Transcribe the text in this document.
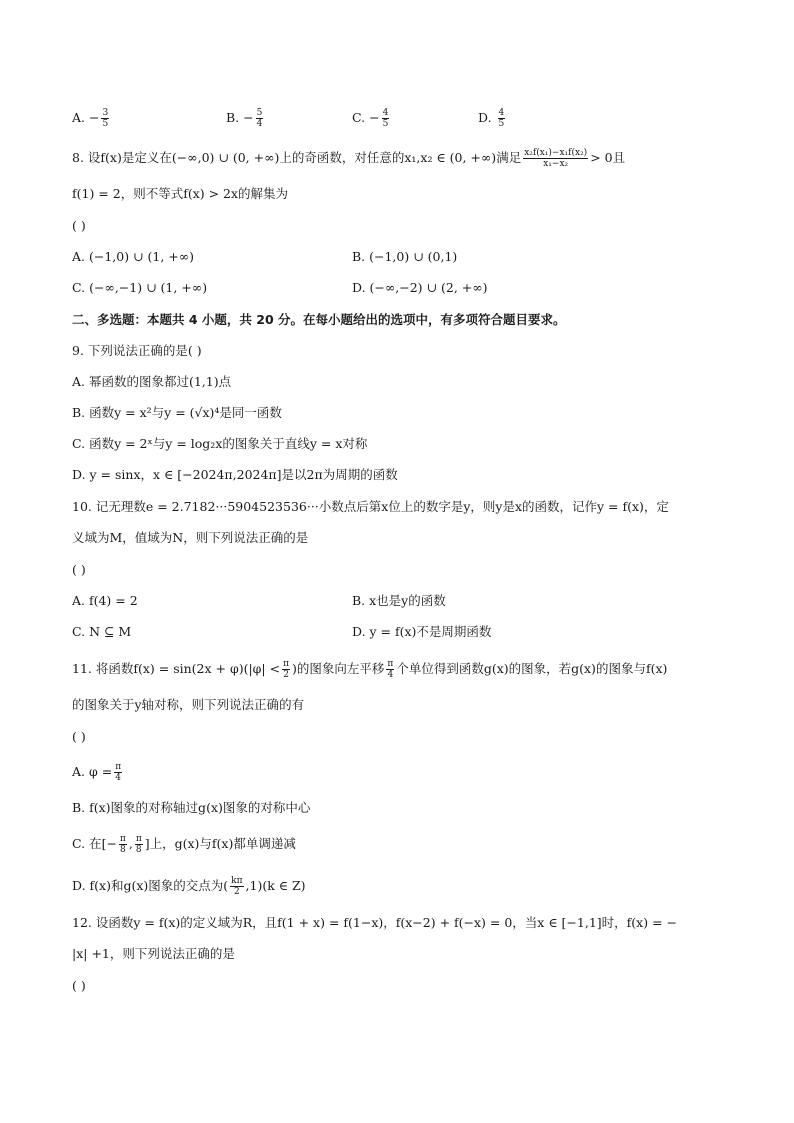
A. − $\frac{3}{5}$	B. − $\frac{5}{4}$	C. − $\frac{4}{5}$	D. $\frac{4}{5}$
8. 设f(x)是定义在(−∞,0) ∪ (0, +∞)上的奇函数，对任意的x₁,x₂ ∈ (0, +∞)满足 $\frac{\text{x₂f(x₁)−x₁f(x₂)}}{\text{x₁−x₂}} > 0$且
f(1) = 2，则不等式f(x) > 2x的解集为
( )
A. (−1,0) ∪ (1, +∞)	B. (−1,0) ∪ (0,1)
C. (−∞,−1) ∪ (1, +∞)	D. (−∞,−2) ∪ (2, +∞)
二、多选题：本题共 4 小题，共 20 分。在每小题给出的选项中，有多项符合题目要求。
9. 下列说法正确的是( )
A. 幂函数的图象都过(1,1)点
B. 函数y = x²与y = (√x)⁴是同一函数
C. 函数y = 2ˣ与y = log₂x的图象关于直线y = x对称
D. y = sinx，x ∈ [−2024π,2024π]是以2π为周期的函数
10. 记无理数e = 2.7182···5904523536···小数点后第x位上的数字是y，则y是x的函数，记作y = f(x)，定
义域为M，值域为N，则下列说法正确的是
( )
A. f(4) = 2	B. x也是y的函数
C. N ⊆ M	D. y = f(x)不是周期函数
11. 将函数$f(x) = \sin(2x + \varphi)(|\varphi| < \frac{\pi}{2}$ )的图象向左平移 $\frac{\pi}{4}$ 个单位得到函数g(x)的图象，若g(x)的图象与f(x)
的图象关于y轴对称，则下列说法正确的有
( )
A. $\varphi = \frac{\pi}{4}$
B. f(x)图象的对称轴过g(x)图象的对称中心
C. 在[− $\frac{\pi}{8}$ , $\frac{\pi}{8}$ ]上，g(x)与f(x)都单调递减
D. f(x)和g(x)图象的交点为( $\frac{k\pi}{2} ,1)(k$ ∈ Z)
12. 设函数y = f(x)的定义域为R，且f(1 + x) = f(1−x)，f(x−2) + f(−x) = 0，当x ∈ [−1,1]时，f(x) = −
|x| +1，则下列说法正确的是
( )
